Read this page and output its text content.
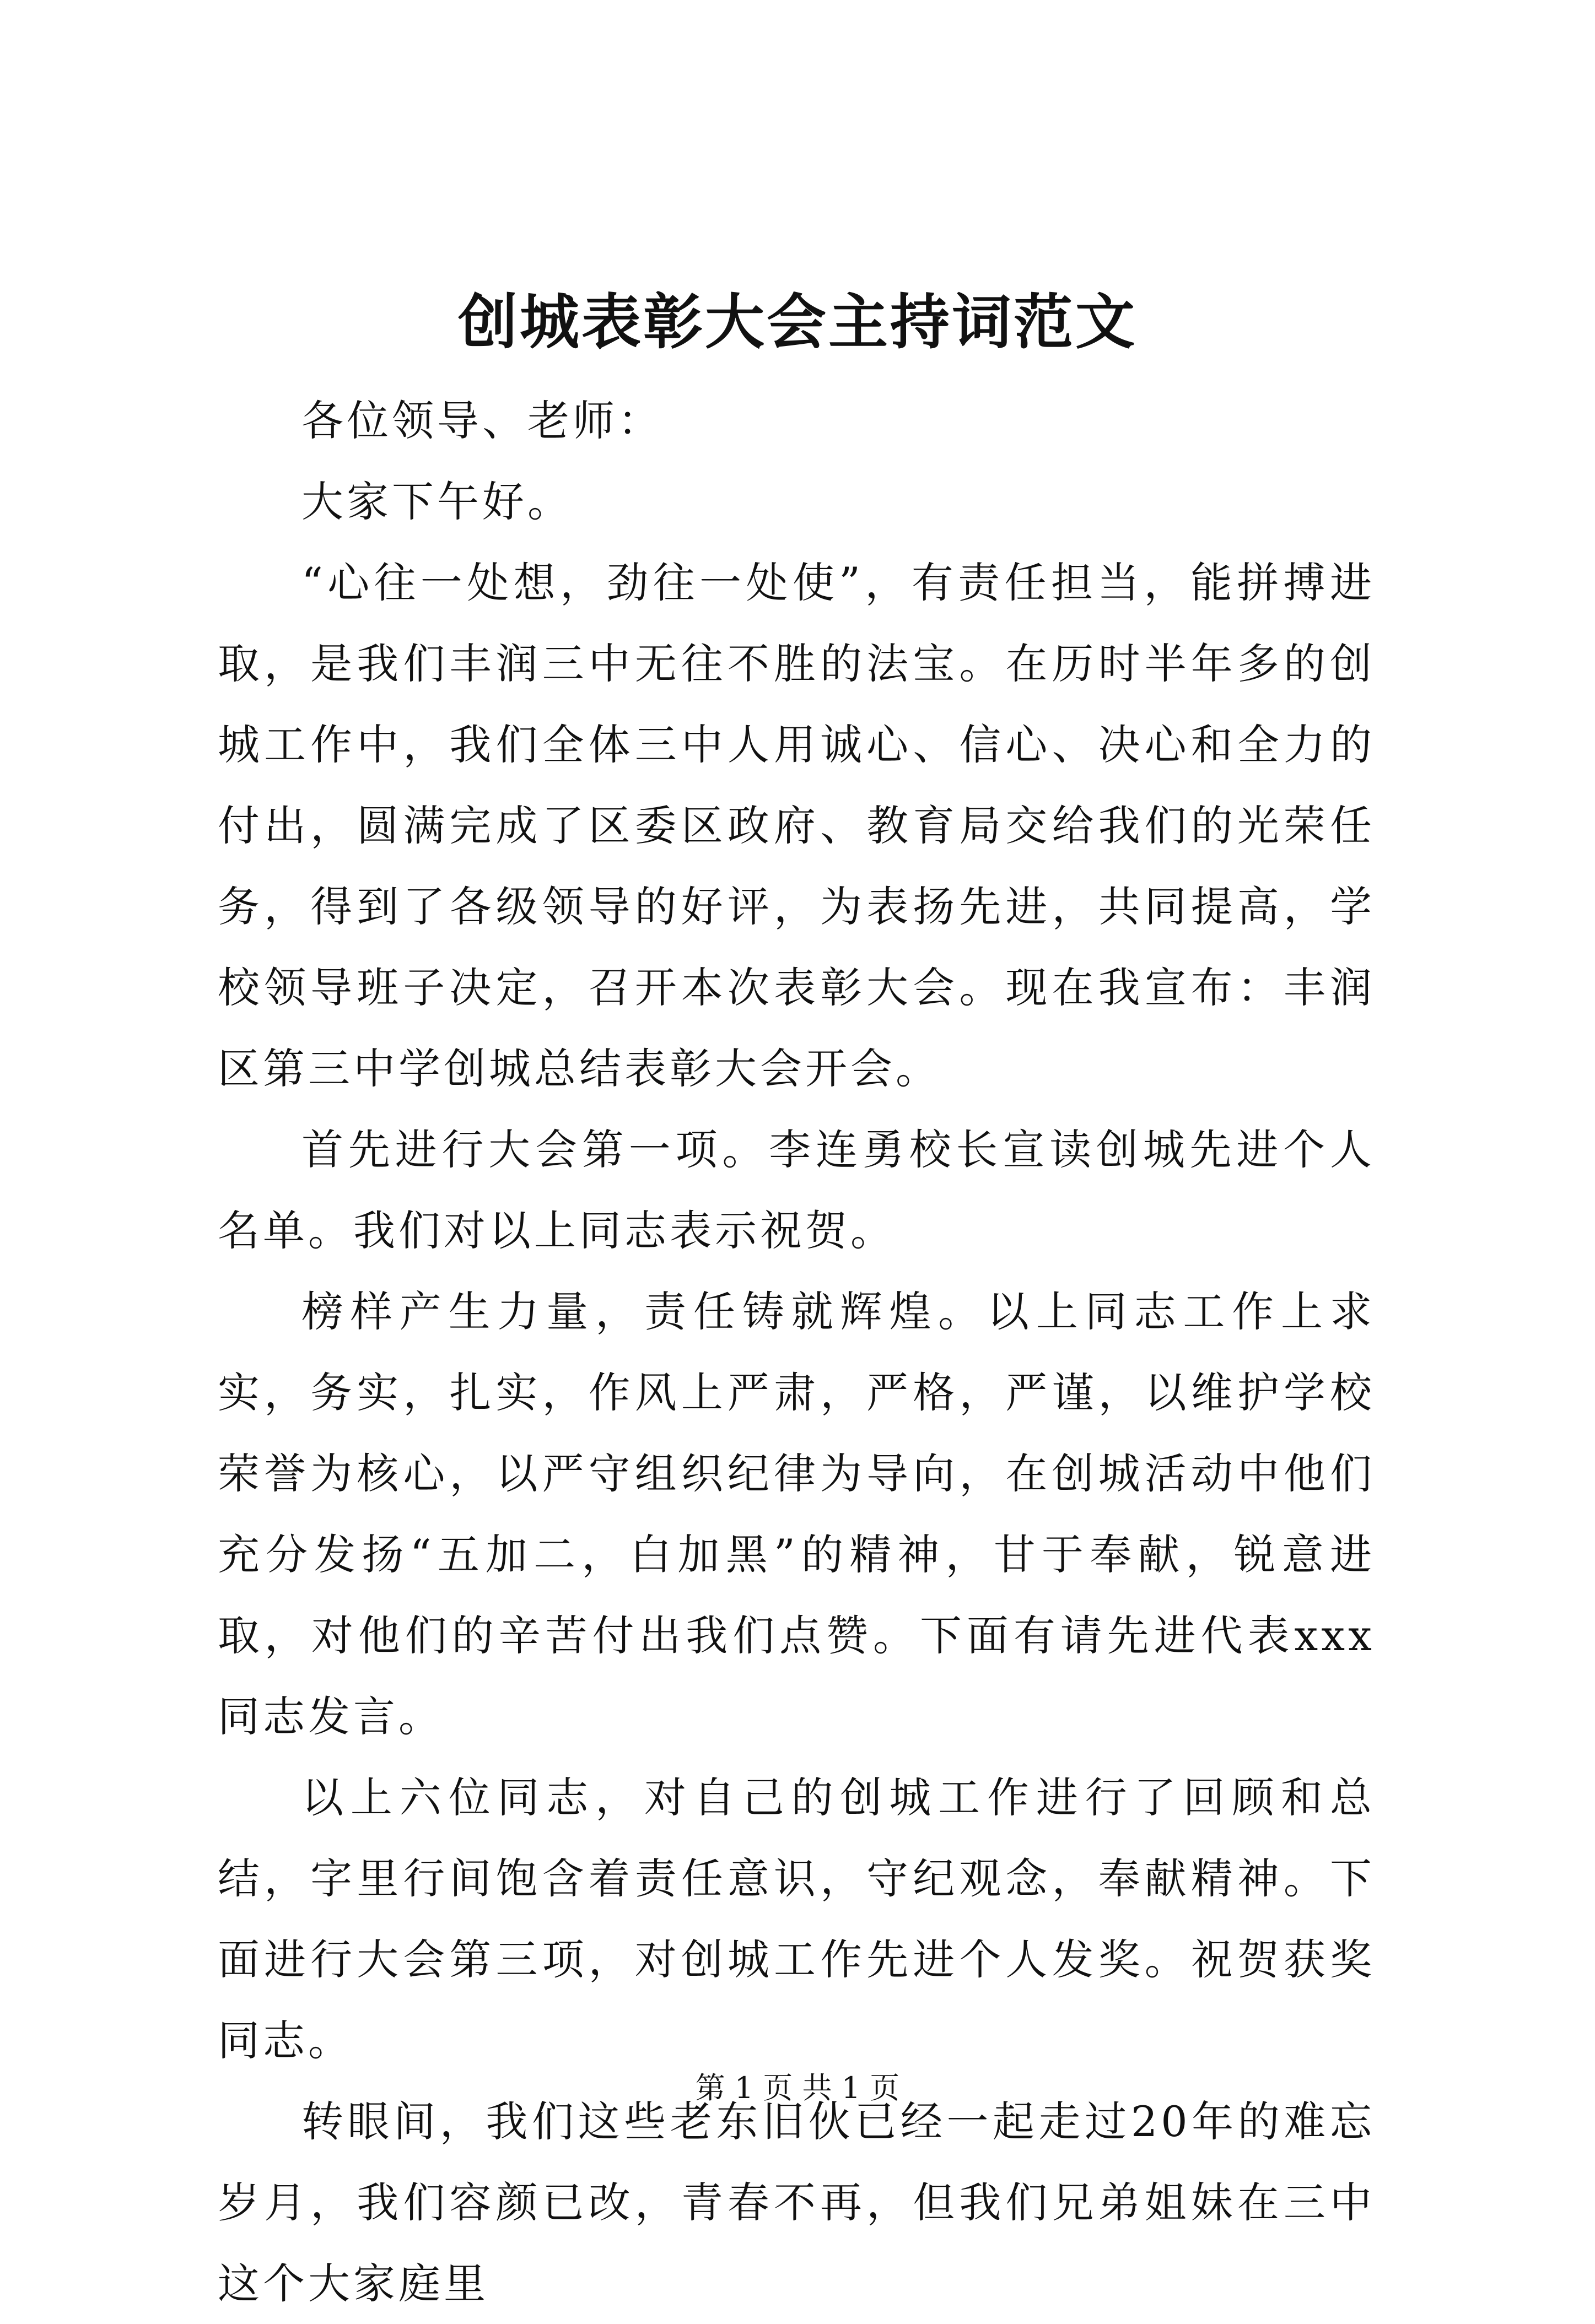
创城表彰大会主持词范文

各位领导、老师：

大家下午好。

“心往一处想，劲往一处使”，有责任担当，能拼搏进取，是我们丰润三中无往不胜的法宝。在历时半年多的创城工作中，我们全体三中人用诚心、信心、决心和全力的付出，圆满完成了区委区政府、教育局交给我们的光荣任务，得到了各级领导的好评，为表扬先进，共同提高，学校领导班子决定，召开本次表彰大会。现在我宣布：丰润区第三中学创城总结表彰大会开会。

首先进行大会第一项。李连勇校长宣读创城先进个人名单。我们对以上同志表示祝贺。

榜样产生力量，责任铸就辉煌。以上同志工作上求实，务实，扎实，作风上严肃，严格，严谨，以维护学校荣誉为核心，以严守组织纪律为导向，在创城活动中他们充分发扬“五加二，白加黑”的精神，甘于奉献，锐意进取，对他们的辛苦付出我们点赞。下面有请先进代表xxx同志发言。

以上六位同志，对自己的创城工作进行了回顾和总结，字里行间饱含着责任意识，守纪观念，奉献精神。下面进行大会第三项，对创城工作先进个人发奖。祝贺获奖同志。

转眼间，我们这些老东旧伙已经一起走过20年的难忘岁月，我们容颜已改，青春不再，但我们兄弟姐妹在三中这个大家庭里

第 1 页 共 1 页
